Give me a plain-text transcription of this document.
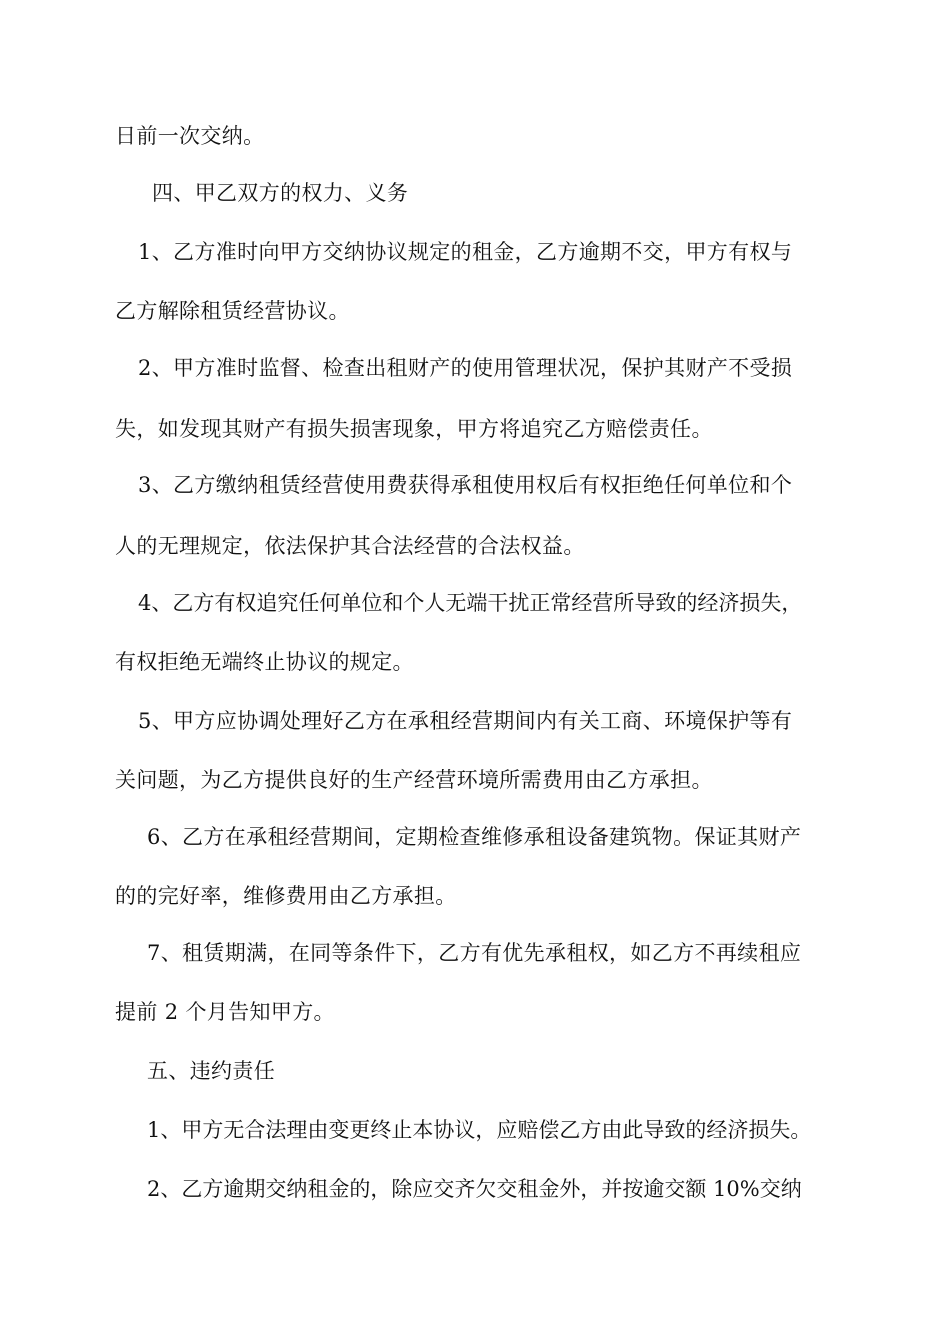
日前一次交纳。
四、甲乙双方的权力、义务
1、乙方准时向甲方交纳协议规定的租金，乙方逾期不交，甲方有权与
乙方解除租赁经营协议。
2、甲方准时监督、检查出租财产的使用管理状况，保护其财产不受损
失，如发现其财产有损失损害现象，甲方将追究乙方赔偿责任。
3、乙方缴纳租赁经营使用费获得承租使用权后有权拒绝任何单位和个
人的无理规定，依法保护其合法经营的合法权益。
4、乙方有权追究任何单位和个人无端干扰正常经营所导致的经济损失，
有权拒绝无端终止协议的规定。
5、甲方应协调处理好乙方在承租经营期间内有关工商、环境保护等有
关问题，为乙方提供良好的生产经营环境所需费用由乙方承担。
6、乙方在承租经营期间，定期检查维修承租设备建筑物。保证其财产
的的完好率，维修费用由乙方承担。
7、租赁期满，在同等条件下，乙方有优先承租权，如乙方不再续租应
提前 2 个月告知甲方。
五、违约责任
1、甲方无合法理由变更终止本协议，应赔偿乙方由此导致的经济损失。
2、乙方逾期交纳租金的，除应交齐欠交租金外，并按逾交额 10%交纳
